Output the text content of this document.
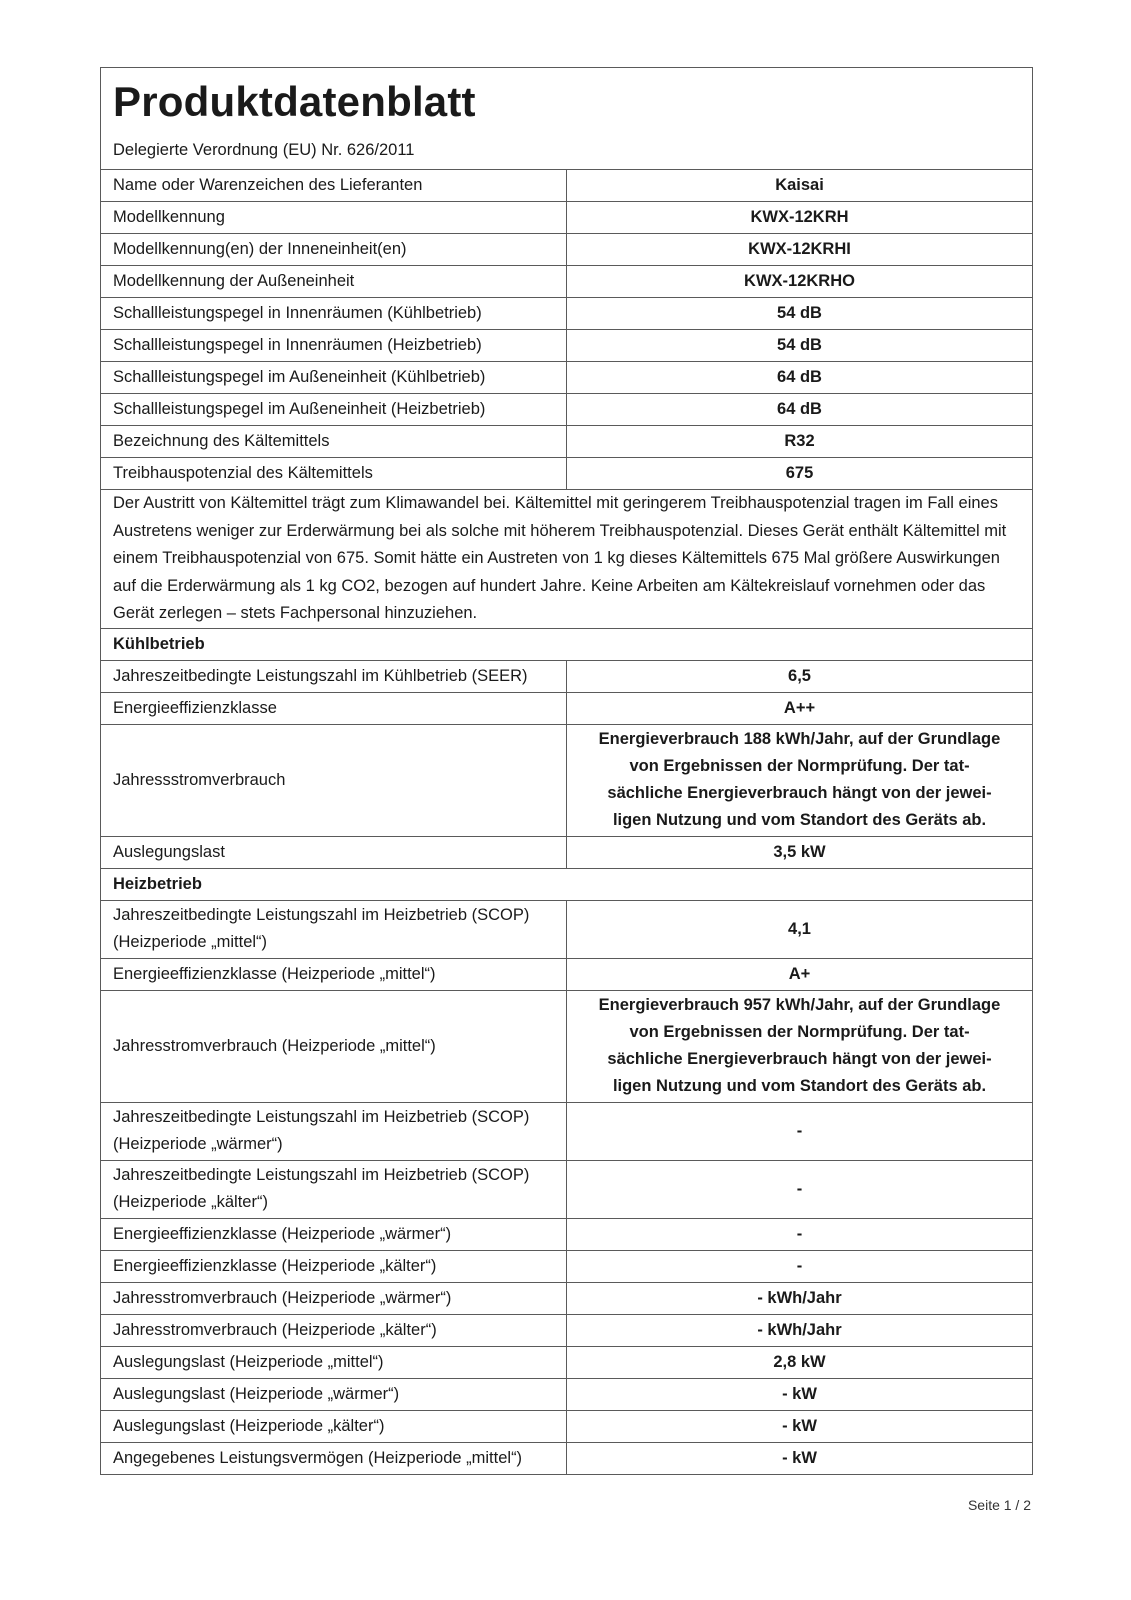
Produktdatenblatt
Delegierte Verordnung (EU) Nr. 626/2011	

Name oder Warenzeichen des Lieferanten	Kaisai
Modellkennung	KWX-12KRH
Modellkennung(en) der Inneneinheit(en)	KWX-12KRHI
Modellkennung der Außeneinheit	KWX-12KRHO
Schallleistungspegel in Innenräumen (Kühlbetrieb)	54 dB
Schallleistungspegel in Innenräumen (Heizbetrieb)	54 dB
Schallleistungspegel im Außeneinheit (Kühlbetrieb)	64 dB
Schallleistungspegel im Außeneinheit (Heizbetrieb)	64 dB
Bezeichnung des Kältemittels	R32
Treibhauspotenzial des Kältemittels	675
Der Austritt von Kältemittel trägt zum Klimawandel bei. Kältemittel mit geringerem Treibhauspotenzial tragen im Fall eines Austretens weniger zur Erderwärmung bei als solche mit höherem Treibhauspotenzial. Dieses Gerät enthält Kältemittel mit einem Treibhauspotenzial von 675. Somit hätte ein Austreten von 1 kg dieses Kältemittels 675 Mal größere Auswirkungen auf die Erderwärmung als 1 kg CO2, bezogen auf hundert Jahre. Keine Arbeiten am Kältekreislauf vornehmen oder das Gerät zerlegen – stets Fachpersonal hinzuziehen.	
Kühlbetrieb	
Jahreszeitbedingte Leistungszahl im Kühlbetrieb (SEER)	6,5
Energieeffizienzklasse	A++
Jahressstromverbrauch	Energieverbrauch 188 kWh/Jahr, auf der Grundlage von Ergebnissen der Normprüfung. Der tatsächliche Energieverbrauch hängt von der jeweiligen Nutzung und vom Standort des Geräts ab.
Auslegungslast	3,5 kW
Heizbetrieb	
Jahreszeitbedingte Leistungszahl im Heizbetrieb (SCOP) (Heizperiode „mittel“)	4,1
Energieeffizienzklasse (Heizperiode „mittel“)	A+
Jahresstromverbrauch (Heizperiode „mittel“)	Energieverbrauch 957 kWh/Jahr, auf der Grundlage von Ergebnissen der Normprüfung. Der tatsächliche Energieverbrauch hängt von der jeweiligen Nutzung und vom Standort des Geräts ab.
Jahreszeitbedingte Leistungszahl im Heizbetrieb (SCOP) (Heizperiode „wärmer“)	-
Jahreszeitbedingte Leistungszahl im Heizbetrieb (SCOP) (Heizperiode „kälter“)	-
Energieeffizienzklasse (Heizperiode „wärmer“)	-
Energieeffizienzklasse (Heizperiode „kälter“)	-
Jahresstromverbrauch (Heizperiode „wärmer“)	- kWh/Jahr
Jahresstromverbrauch (Heizperiode „kälter“)	- kWh/Jahr
Auslegungslast (Heizperiode „mittel“)	2,8 kW
Auslegungslast (Heizperiode „wärmer“)	- kW
Auslegungslast (Heizperiode „kälter“)	- kW
Angegebenes Leistungsvermögen (Heizperiode „mittel“)	- kW
Seite 1 / 2
